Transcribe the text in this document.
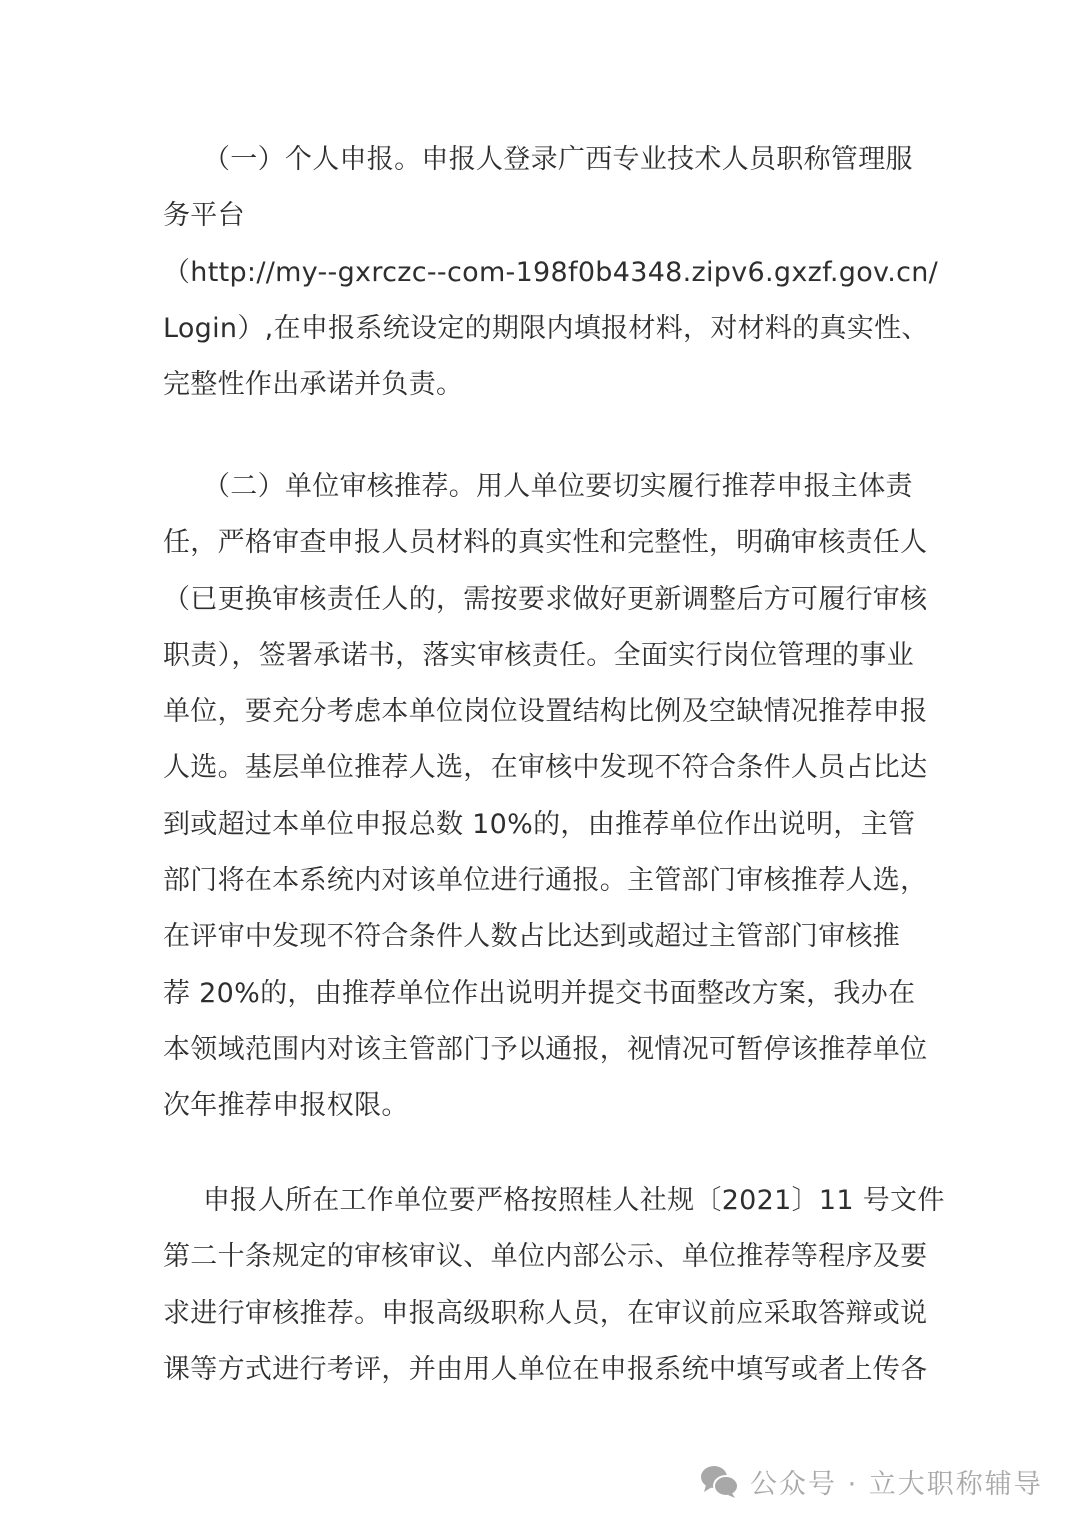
（一）个人申报。申报人登录广西专业技术人员职称管理服
务平台
（http://my--gxrczc--com-198f0b4348.zipv6.gxzf.gov.cn/
Login）,在申报系统设定的期限内填报材料，对材料的真实性、
完整性作出承诺并负责。
（二）单位审核推荐。用人单位要切实履行推荐申报主体责
任，严格审查申报人员材料的真实性和完整性，明确审核责任人
（已更换审核责任人的，需按要求做好更新调整后方可履行审核
职责），签署承诺书，落实审核责任。全面实行岗位管理的事业
单位，要充分考虑本单位岗位设置结构比例及空缺情况推荐申报
人选。基层单位推荐人选，在审核中发现不符合条件人员占比达
到或超过本单位申报总数 10%的，由推荐单位作出说明，主管
部门将在本系统内对该单位进行通报。主管部门审核推荐人选，
在评审中发现不符合条件人数占比达到或超过主管部门审核推
荐 20%的，由推荐单位作出说明并提交书面整改方案，我办在
本领域范围内对该主管部门予以通报，视情况可暂停该推荐单位
次年推荐申报权限。
申报人所在工作单位要严格按照桂人社规〔2021〕11 号文件
第二十条规定的审核审议、单位内部公示、单位推荐等程序及要
求进行审核推荐。申报高级职称人员，在审议前应采取答辩或说
课等方式进行考评，并由用人单位在申报系统中填写或者上传各
公众号 · 立大职称辅导
